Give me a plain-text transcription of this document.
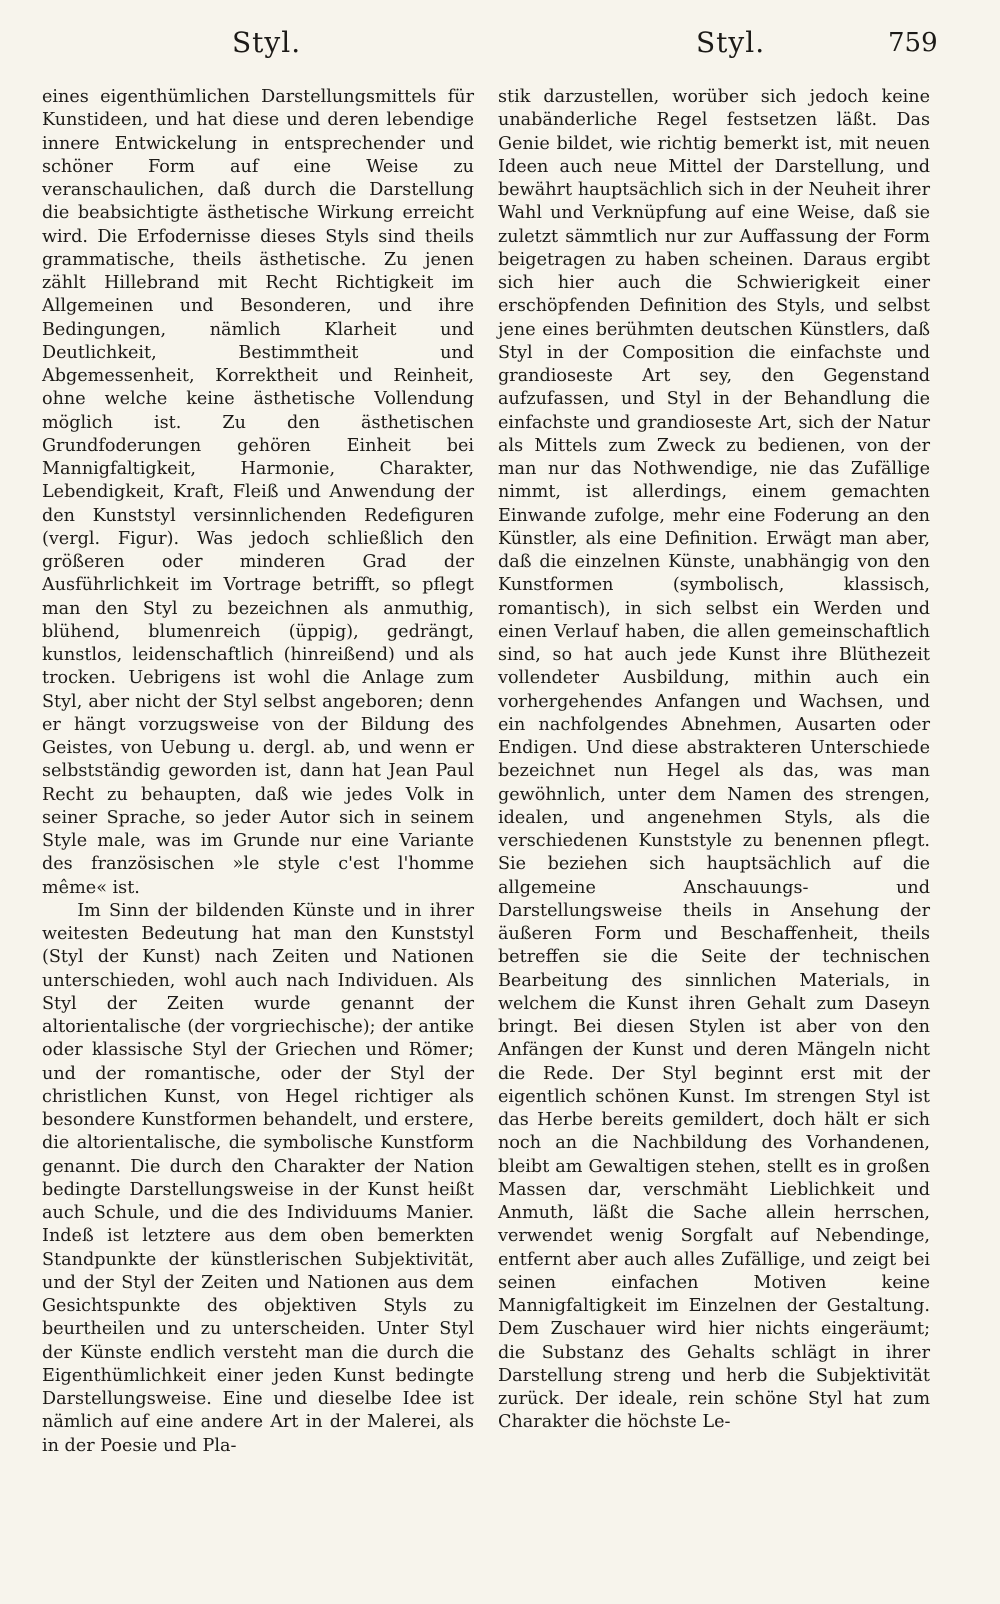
Styl.	Styl.	759

eines eigenthümlichen Darstellungsmittels für Kunstideen, und hat diese und deren lebendige innere Entwickelung in entsprechender und schöner Form auf eine Weise zu veranschaulichen, daß durch die Darstellung die beabsichtigte ästhetische Wirkung erreicht wird. Die Erfodernisse dieses Styls sind theils grammatische, theils ästhetische. Zu jenen zählt Hillebrand mit Recht Richtigkeit im Allgemeinen und Besonderen, und ihre Bedingungen, nämlich Klarheit und Deutlichkeit, Bestimmtheit und Abgemessenheit, Korrektheit und Reinheit, ohne welche keine ästhetische Vollendung möglich ist. Zu den ästhetischen Grundfoderungen gehören Einheit bei Mannigfaltigkeit, Harmonie, Charakter, Lebendigkeit, Kraft, Fleiß und Anwendung der den Kunststyl versinnlichenden Redefiguren (vergl. Figur). Was jedoch schließlich den größeren oder minderen Grad der Ausführlichkeit im Vortrage betrifft, so pflegt man den Styl zu bezeichnen als anmuthig, blühend, blumenreich (üppig), gedrängt, kunstlos, leidenschaftlich (hinreißend) und als trocken. Uebrigens ist wohl die Anlage zum Styl, aber nicht der Styl selbst angeboren; denn er hängt vorzugsweise von der Bildung des Geistes, von Uebung u. dergl. ab, und wenn er selbstständig geworden ist, dann hat Jean Paul Recht zu behaupten, daß wie jedes Volk in seiner Sprache, so jeder Autor sich in seinem Style male, was im Grunde nur eine Variante des französischen »le style c'est l'homme même« ist.

Im Sinn der bildenden Künste und in ihrer weitesten Bedeutung hat man den Kunststyl (Styl der Kunst) nach Zeiten und Nationen unterschieden, wohl auch nach Individuen. Als Styl der Zeiten wurde genannt der altorientalische (der vorgriechische); der antike oder klassische Styl der Griechen und Römer; und der romantische, oder der Styl der christlichen Kunst, von Hegel richtiger als besondere Kunstformen behandelt, und erstere, die altorientalische, die symbolische Kunstform genannt. Die durch den Charakter der Nation bedingte Darstellungsweise in der Kunst heißt auch Schule, und die des Individuums Manier. Indeß ist letztere aus dem oben bemerkten Standpunkte der künstlerischen Subjektivität, und der Styl der Zeiten und Nationen aus dem Gesichtspunkte des objektiven Styls zu beurtheilen und zu unterscheiden. Unter Styl der Künste endlich versteht man die durch die Eigenthümlichkeit einer jeden Kunst bedingte Darstellungsweise. Eine und dieselbe Idee ist nämlich auf eine andere Art in der Malerei, als in der Poesie und Pla-

stik darzustellen, worüber sich jedoch keine unabänderliche Regel festsetzen läßt. Das Genie bildet, wie richtig bemerkt ist, mit neuen Ideen auch neue Mittel der Darstellung, und bewährt hauptsächlich sich in der Neuheit ihrer Wahl und Verknüpfung auf eine Weise, daß sie zuletzt sämmtlich nur zur Auffassung der Form beigetragen zu haben scheinen. Daraus ergibt sich hier auch die Schwierigkeit einer erschöpfenden Definition des Styls, und selbst jene eines berühmten deutschen Künstlers, daß Styl in der Composition die einfachste und grandioseste Art sey, den Gegenstand aufzufassen, und Styl in der Behandlung die einfachste und grandioseste Art, sich der Natur als Mittels zum Zweck zu bedienen, von der man nur das Nothwendige, nie das Zufällige nimmt, ist allerdings, einem gemachten Einwande zufolge, mehr eine Foderung an den Künstler, als eine Definition. Erwägt man aber, daß die einzelnen Künste, unabhängig von den Kunstformen (symbolisch, klassisch, romantisch), in sich selbst ein Werden und einen Verlauf haben, die allen gemeinschaftlich sind, so hat auch jede Kunst ihre Blüthezeit vollendeter Ausbildung, mithin auch ein vorhergehendes Anfangen und Wachsen, und ein nachfolgendes Abnehmen, Ausarten oder Endigen. Und diese abstrakteren Unterschiede bezeichnet nun Hegel als das, was man gewöhnlich, unter dem Namen des strengen, idealen, und angenehmen Styls, als die verschiedenen Kunststyle zu benennen pflegt. Sie beziehen sich hauptsächlich auf die allgemeine Anschauungs- und Darstellungsweise theils in Ansehung der äußeren Form und Beschaffenheit, theils betreffen sie die Seite der technischen Bearbeitung des sinnlichen Materials, in welchem die Kunst ihren Gehalt zum Daseyn bringt. Bei diesen Stylen ist aber von den Anfängen der Kunst und deren Mängeln nicht die Rede. Der Styl beginnt erst mit der eigentlich schönen Kunst. Im strengen Styl ist das Herbe bereits gemildert, doch hält er sich noch an die Nachbildung des Vorhandenen, bleibt am Gewaltigen stehen, stellt es in großen Massen dar, verschmäht Lieblichkeit und Anmuth, läßt die Sache allein herrschen, verwendet wenig Sorgfalt auf Nebendinge, entfernt aber auch alles Zufällige, und zeigt bei seinen einfachen Motiven keine Mannigfaltigkeit im Einzelnen der Gestaltung. Dem Zuschauer wird hier nichts eingeräumt; die Substanz des Gehalts schlägt in ihrer Darstellung streng und herb die Subjektivität zurück. Der ideale, rein schöne Styl hat zum Charakter die höchste Le-
